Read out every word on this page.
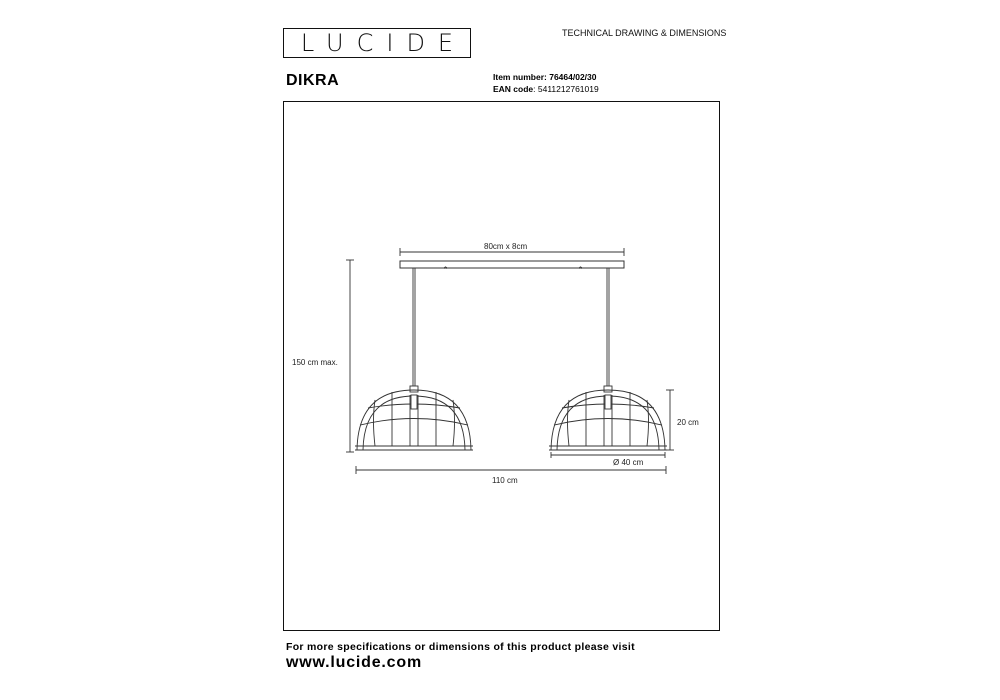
LUCIDE	TECHNICAL DRAWING & DIMENSIONS
DIKRA	Item number: 76464/02/30
EAN code: 5411212761019
*	*
80cm x 8cm
150 cm max.
20 cm
Ø 40 cm
110 cm
For more specifications or dimensions of this product please visit
www.lucide.com
